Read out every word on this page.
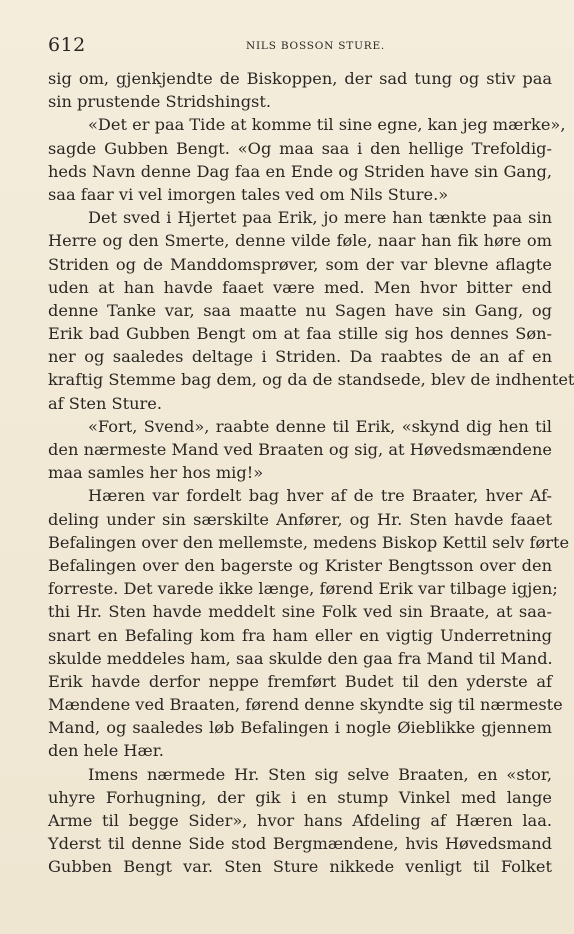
612	NILS BOSSON STURE.
sig om, gjenkjendte de Biskoppen, der sad tung og stiv paa
sin prustende Stridshingst.
«Det er paa Tide at komme til sine egne, kan jeg mærke»,
sagde Gubben Bengt. «Og maa saa i den hellige Trefoldig-
heds Navn denne Dag faa en Ende og Striden have sin Gang,
saa faar vi vel imorgen tales ved om Nils Sture.»
Det sved i Hjertet paa Erik, jo mere han tænkte paa sin
Herre og den Smerte, denne vilde føle, naar han fik høre om
Striden og de Manddomsprøver, som der var blevne aflagte
uden at han havde faaet være med. Men hvor bitter end
denne Tanke var, saa maatte nu Sagen have sin Gang, og
Erik bad Gubben Bengt om at faa stille sig hos dennes Søn-
ner og saaledes deltage i Striden. Da raabtes de an af en
kraftig Stemme bag dem, og da de standsede, blev de indhentet
af Sten Sture.
«Fort, Svend», raabte denne til Erik, «skynd dig hen til
den nærmeste Mand ved Braaten og sig, at Høvedsmændene
maa samles her hos mig!»
Hæren var fordelt bag hver af de tre Braater, hver Af-
deling under sin særskilte Anfører, og Hr. Sten havde faaet
Befalingen over den mellemste, medens Biskop Kettil selv førte
Befalingen over den bagerste og Krister Bengtsson over den
forreste. Det varede ikke længe, førend Erik var tilbage igjen;
thi Hr. Sten havde meddelt sine Folk ved sin Braate, at saa-
snart en Befaling kom fra ham eller en vigtig Underretning
skulde meddeles ham, saa skulde den gaa fra Mand til Mand.
Erik havde derfor neppe fremført Budet til den yderste af
Mændene ved Braaten, førend denne skyndte sig til nærmeste
Mand, og saaledes løb Befalingen i nogle Øieblikke gjennem
den hele Hær.
Imens nærmede Hr. Sten sig selve Braaten, en «stor,
uhyre Forhugning, der gik i en stump Vinkel med lange
Arme til begge Sider», hvor hans Afdeling af Hæren laa.
Yderst til denne Side stod Bergmændene, hvis Høvedsmand
Gubben Bengt var. Sten Sture nikkede venligt til Folket
